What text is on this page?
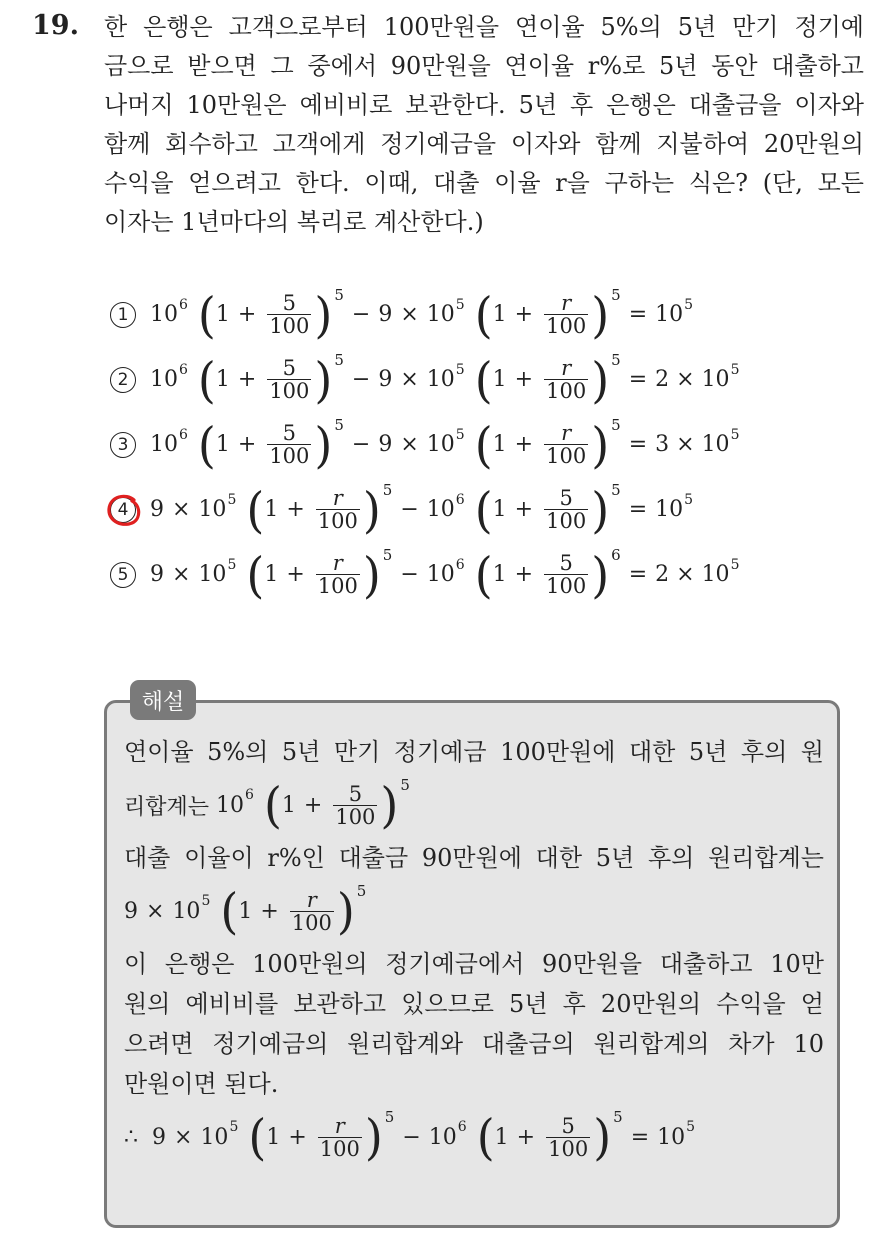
19. 한 은행은 고객으로부터 100만원을 연이율 5%의 5년 만기 정기예
금으로 받으면 그 중에서 90만원을 연이율 r%로 5년 동안 대출하고
나머지 10만원은 예비비로 보관한다. 5년 후 은행은 대출금을 이자와
함께 회수하고 고객에게 정기예금을 이자와 함께 지불하여 20만원의
수익을 얻으려고 한다. 이때, 대출 이율 r을 구하는 식은? (단, 모든
이자는 1년마다의 복리로 계산한다.)
1 10 6 ( $1 + \frac{5}{100}$ ) 5
− 9 × 10 5 ( $1 + \frac{r}{100}$ ) 5
= 10 5
2 10 6 ( $1 + \frac{5}{100}$ ) 5
− 9 × 10 5 ( $1 + \frac{r}{100}$ ) 5
= 2 ×
10 5
3 10 6 ( $1 + \frac{5}{100}$ ) 5
− 9 × 10 5 ( $1 + \frac{r}{100}$ ) 5
= 3 ×
10 5
4 9 × 10 5 ( $1 + \frac{r}{100}$ ) 5
− 10 6 ( $1 + \frac{5}{100}$ ) 5
= 10 5
5 9 × 10 5 ( $1 + \frac{r}{100}$ ) 5
− 10 6 ( $1 + \frac{5}{100}$ ) 6
= 2 ×
10 5
해설
연이율 5%의 5년 만기 정기예금 100만원에 대한 5년 후의 원
리합계는
10 6 ( $1 + \frac{5}{100}$ ) 5
대출 이율이 r%인 대출금 90만원에 대한 5년 후의 원리합계는
9 × 10 5 ( $1 + \frac{r}{100}$ ) 5
이 은행은 100만원의 정기예금에서 90만원을 대출하고 10만
원의 예비비를 보관하고 있으므로 5년 후 20만원의 수익을 얻
으려면 정기예금의 원리합계와 대출금의 원리합계의 차가 10
만원이면 된다.
∴
9 × 10 5 ( $1 + \frac{r}{100}$ ) 5
− 10 6 ( $1 + \frac{5}{100}$ ) 5
= 10 5
